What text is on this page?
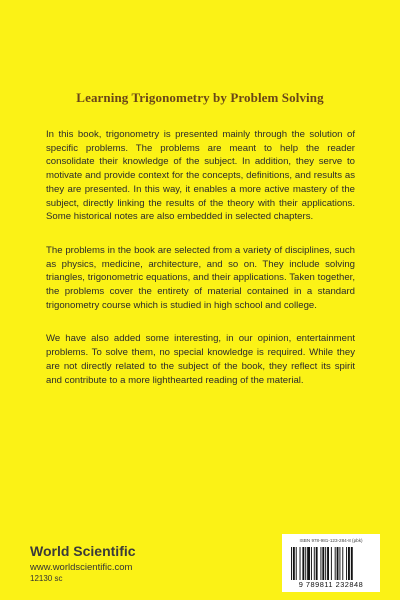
Learning Trigonometry by Problem Solving

In this book, trigonometry is presented mainly through the solution of specific problems. The problems are meant to help the reader consolidate their knowledge of the subject. In addition, they serve to motivate and provide context for the concepts, definitions, and results as they are presented. In this way, it enables a more active mastery of the subject, directly linking the results of the theory with their applications. Some historical notes are also embedded in selected chapters.

The problems in the book are selected from a variety of disciplines, such as physics, medicine, architecture, and so on. They include solving triangles, trigonometric equations, and their applications. Taken together, the problems cover the entirety of material contained in a standard trigonometry course which is studied in high school and college.

We have also added some interesting, in our opinion, entertainment problems. To solve them, no special knowledge is required. While they are not directly related to the subject of the book, they reflect its spirit and contribute to a more lighthearted reading of the material.

World Scientific
www.worldscientific.com
12130 sc
ISBN 978-981-123-284-8 (pbk)
9 789811 232848
